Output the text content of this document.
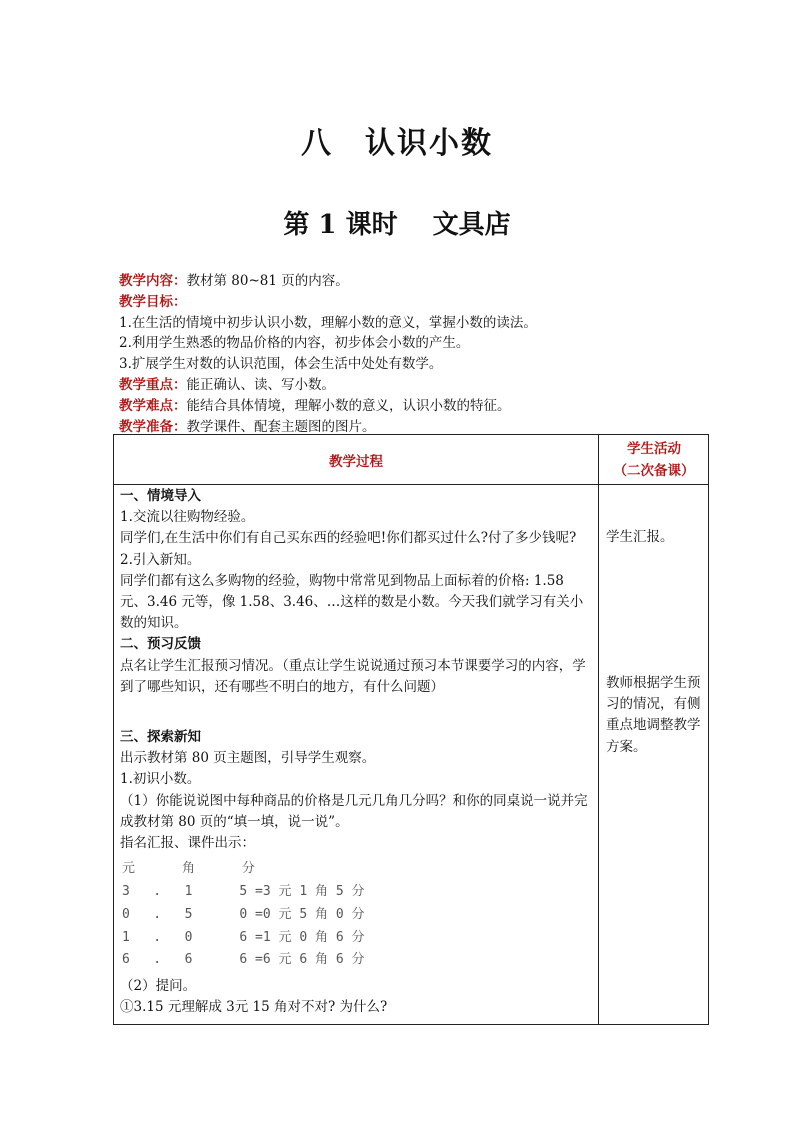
八　认识小数
第 1 课时　 文具店
教学内容：教材第 80~81 页的内容。
教学目标：
1.在生活的情境中初步认识小数，理解小数的意义，掌握小数的读法。
2.利用学生熟悉的物品价格的内容，初步体会小数的产生。
3.扩展学生对数的认识范围，体会生活中处处有数学。
教学重点：能正确认、读、写小数。
教学难点：能结合具体情境，理解小数的意义，认识小数的特征。
教学准备：教学课件、配套主题图的图片。
教学过程
学生活动
（二次备课）

一、情境导入

1.交流以往购物经验。

同学们,在生活中你们有自己买东西的经验吧!你们都买过什么?付了多少钱呢?

2.引入新知。

同学们都有这么多购物的经验，购物中常常见到物品上面标着的价格: 1.58 元、3.46 元等，像 1.58、3.46、…这样的数是小数。今天我们就学习有关小数的知识。

二、预习反馈

点名让学生汇报预习情况。（重点让学生说说通过预习本节课要学习的内容，学到了哪些知识，还有哪些不明白的地方，有什么问题）

三、探索新知

出示教材第 80 页主题图，引导学生观察。

1.初识小数。

（1）你能说说图中每种商品的价格是几元几角几分吗？和你的同桌说一说并完成教材第 80 页的“填一填，说一说”。

指名汇报、课件出示：

元      角      分
3   .   1      5 =3 元 1 角 5 分
0   .   5      0 =0 元 5 角 0 分
1   .   0      6 =1 元 0 角 6 分
6   .   6      6 =6 元 6 角 6 分

（2）提问。

①3.15 元理解成 3元 15 角对不对? 为什么?

学生汇报。
教师根据学生预习的情况，有侧重点地调整教学方案。
